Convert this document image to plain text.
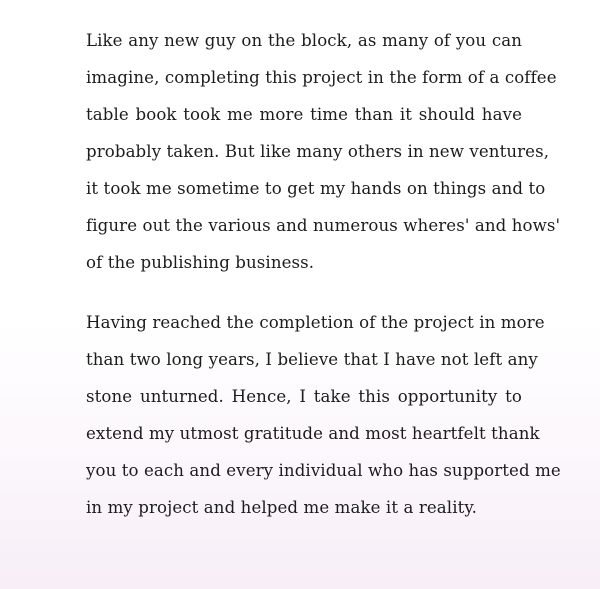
Like any new guy on the block, as many of you can
imagine, completing this project in the form of a coffee
table book took me more time than it should have
probably taken. But like many others in new ventures,
it took me sometime to get my hands on things and to
figure out the various and numerous wheres' and hows'
of the publishing business.
Having reached the completion of the project in more
than two long years, I believe that I have not left any
stone unturned. Hence, I take this opportunity to
extend my utmost gratitude and most heartfelt thank
you to each and every individual who has supported me
in my project and helped me make it a reality.
